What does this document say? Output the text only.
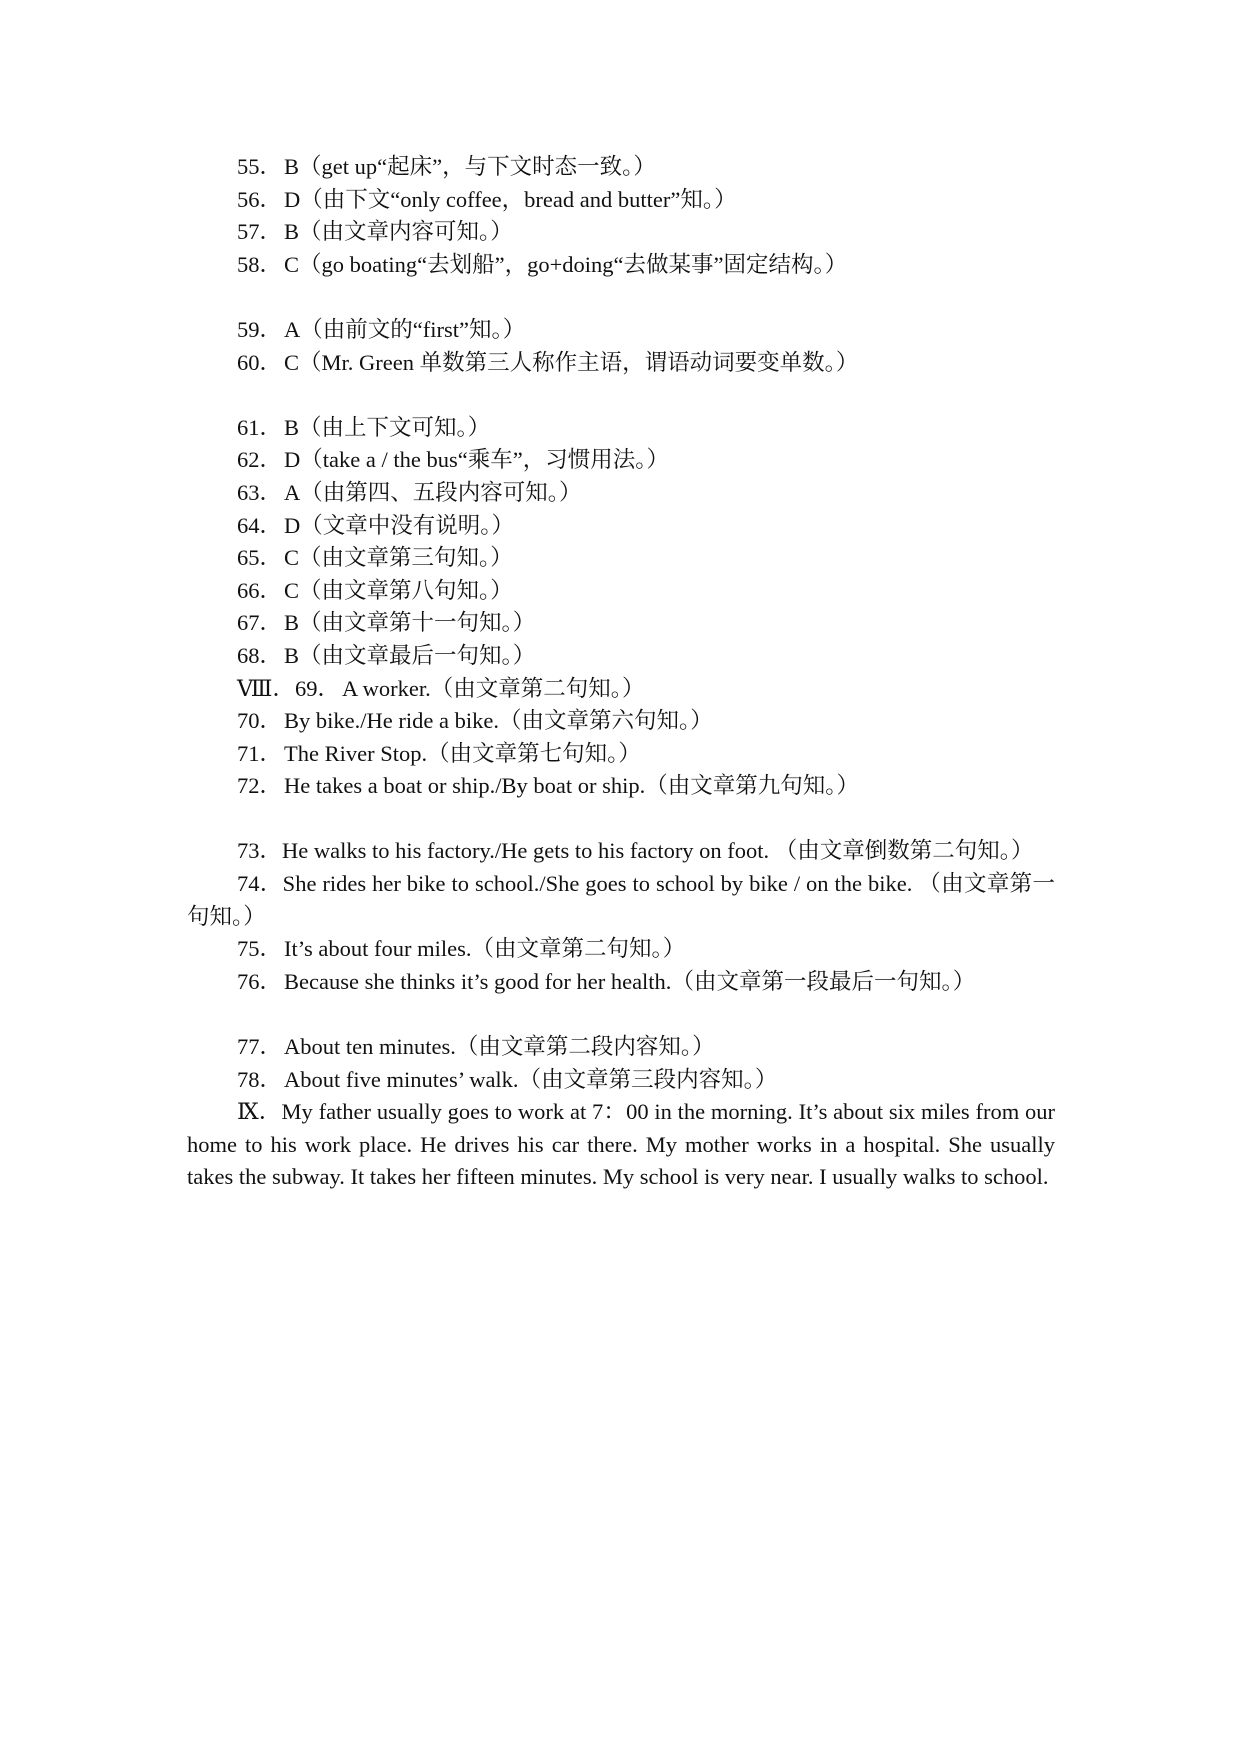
55．B（get up“起床”，与下文时态一致。）
56．D（由下文“only coffee，bread and butter”知。）
57．B（由文章内容可知。）
58．C（go boating“去划船”，go+doing“去做某事”固定结构。）
59．A（由前文的“first”知。）
60．C（Mr. Green 单数第三人称作主语，谓语动词要变单数。）
61．B（由上下文可知。）
62．D（take a / the bus“乘车”，习惯用法。）
63．A（由第四、五段内容可知。）
64．D（文章中没有说明。）
65．C（由文章第三句知。）
66．C（由文章第八句知。）
67．B（由文章第十一句知。）
68．B（由文章最后一句知。）
Ⅷ．69．A worker.（由文章第二句知。）
70．By bike./He ride a bike.（由文章第六句知。）
71．The River Stop.（由文章第七句知。）
72．He takes a boat or ship./By boat or ship.（由文章第九句知。）

73．He walks to his factory./He gets to his factory on foot. （由文章倒数第二句知。）

74．She rides her bike to school./She goes to school by bike / on the bike. （由文章第一句知。）

75．It’s about four miles.（由文章第二句知。）
76．Because she thinks it’s good for her health.（由文章第一段最后一句知。）
77．About ten minutes.（由文章第二段内容知。）
78．About five minutes’ walk.（由文章第三段内容知。）

Ⅸ．My father usually goes to work at 7：00 in the morning. It’s about six miles from our home to his work place. He drives his car there. My mother works in a hospital. She usually takes the subway. It takes her fifteen minutes. My school is very near. I usually walks to school.
